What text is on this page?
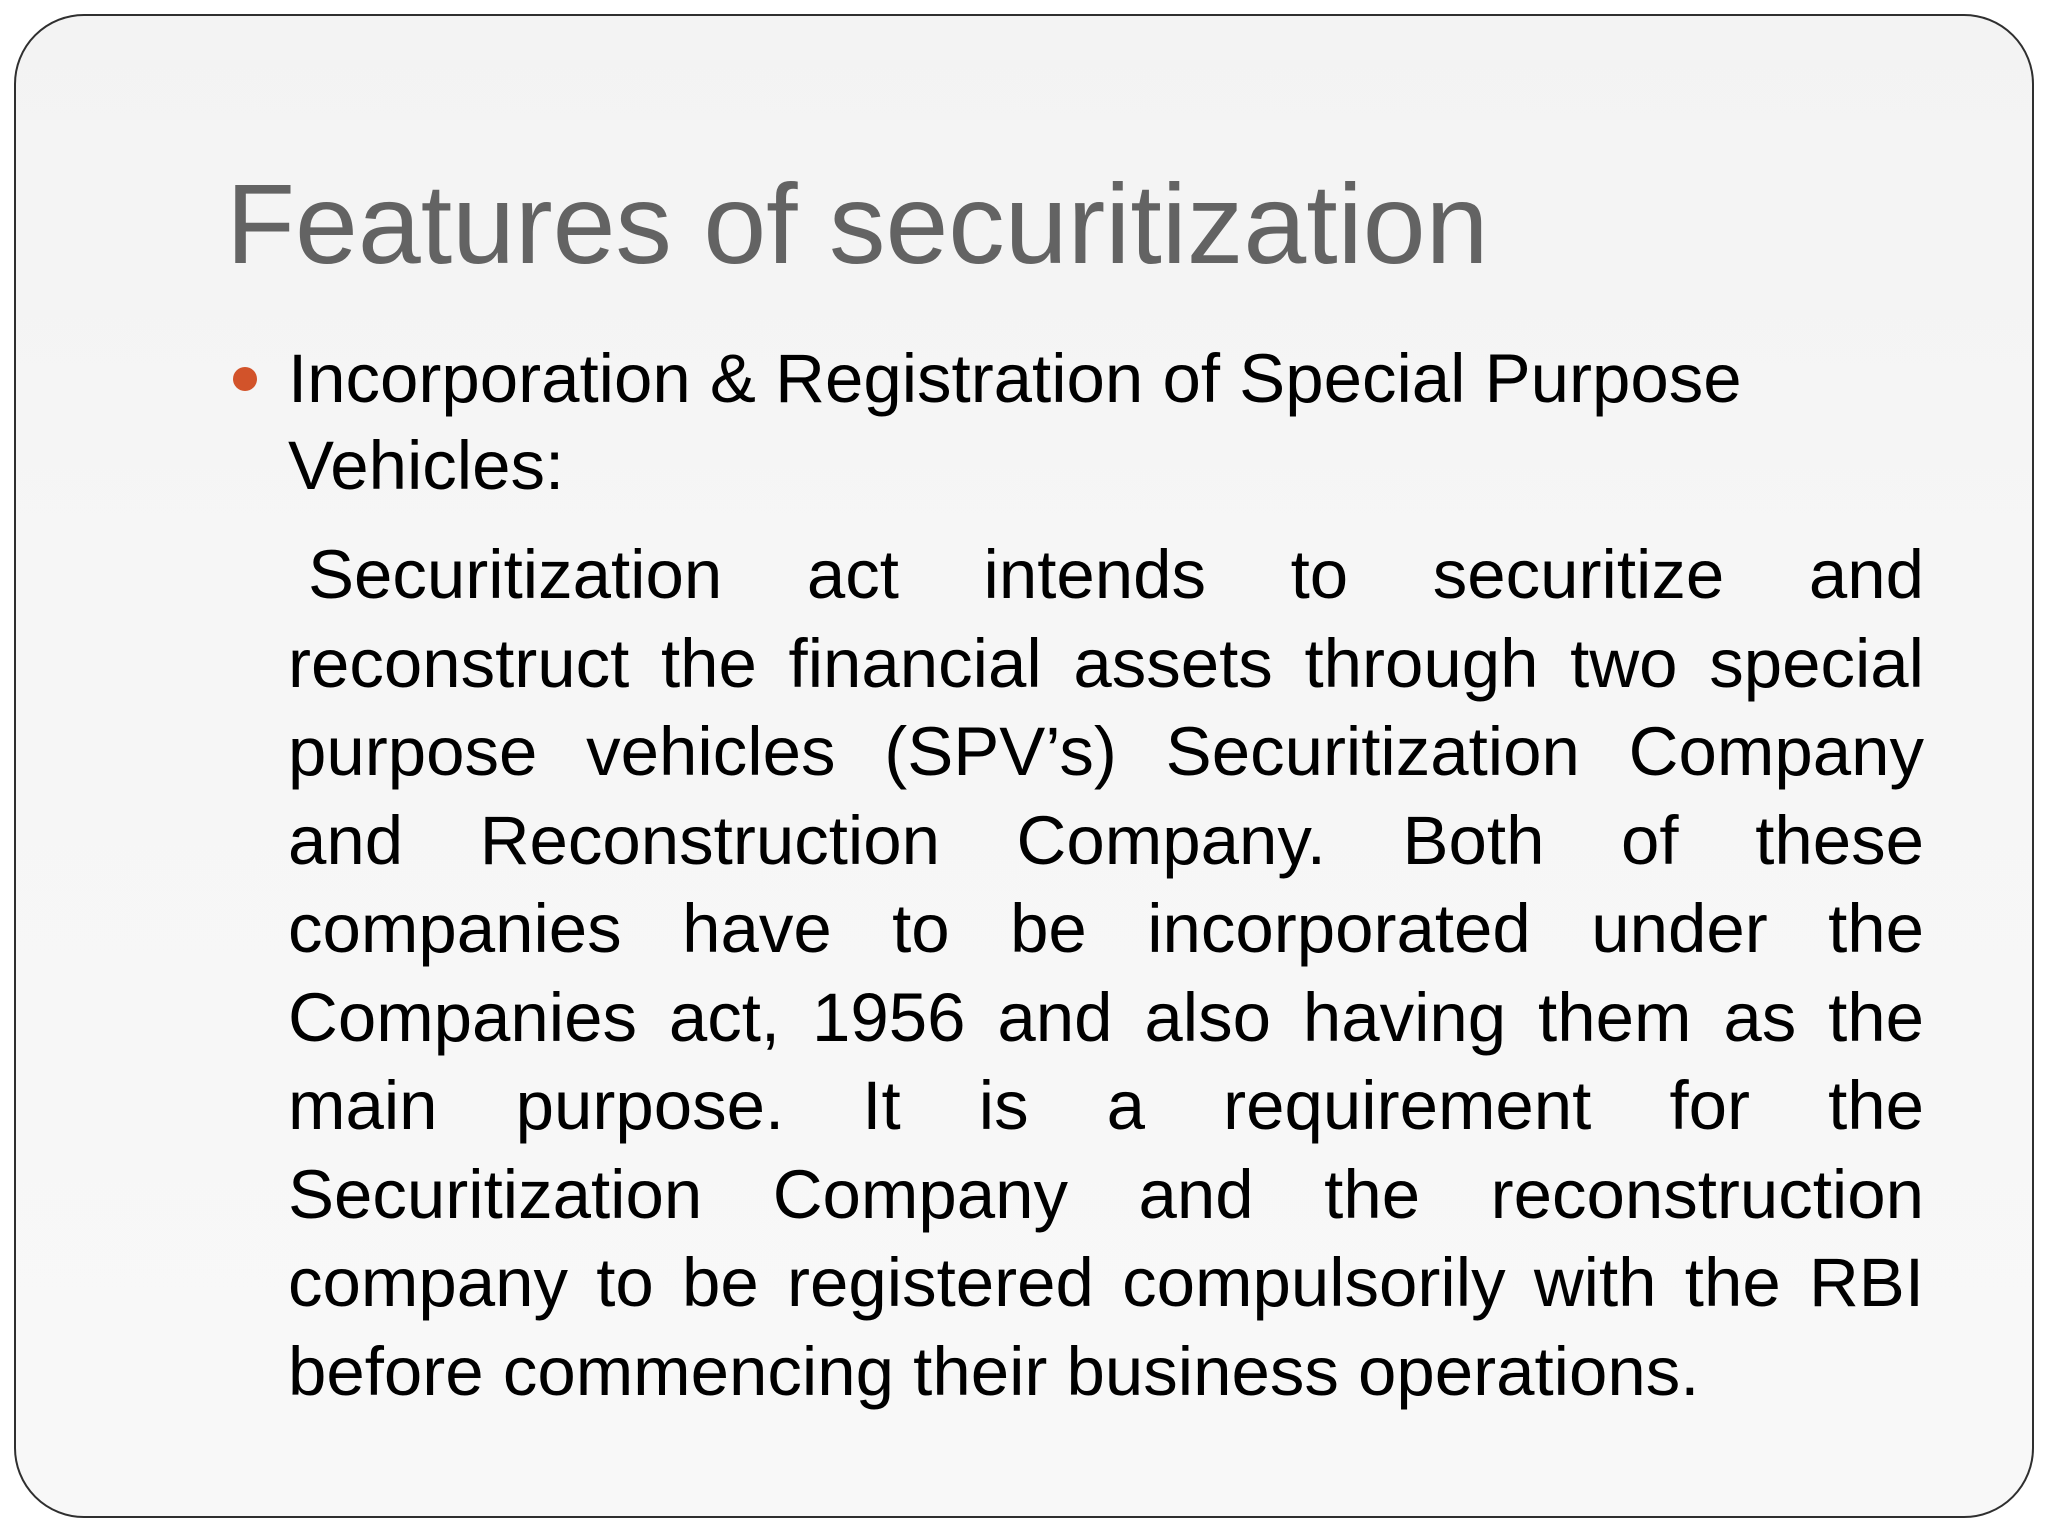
Features of securitization

Incorporation & Registration of Special Purpose Vehicles:

Securitization act intends to securitize and reconstruct the financial assets through two special purpose vehicles (SPV’s) Securitization Company and Reconstruction Company. Both of these companies have to be incorporated under the Companies act, 1956 and also having them as the main purpose. It is a requirement for the Securitization Company and the reconstruction company to be registered compulsorily with the RBI before commencing their business operations.
